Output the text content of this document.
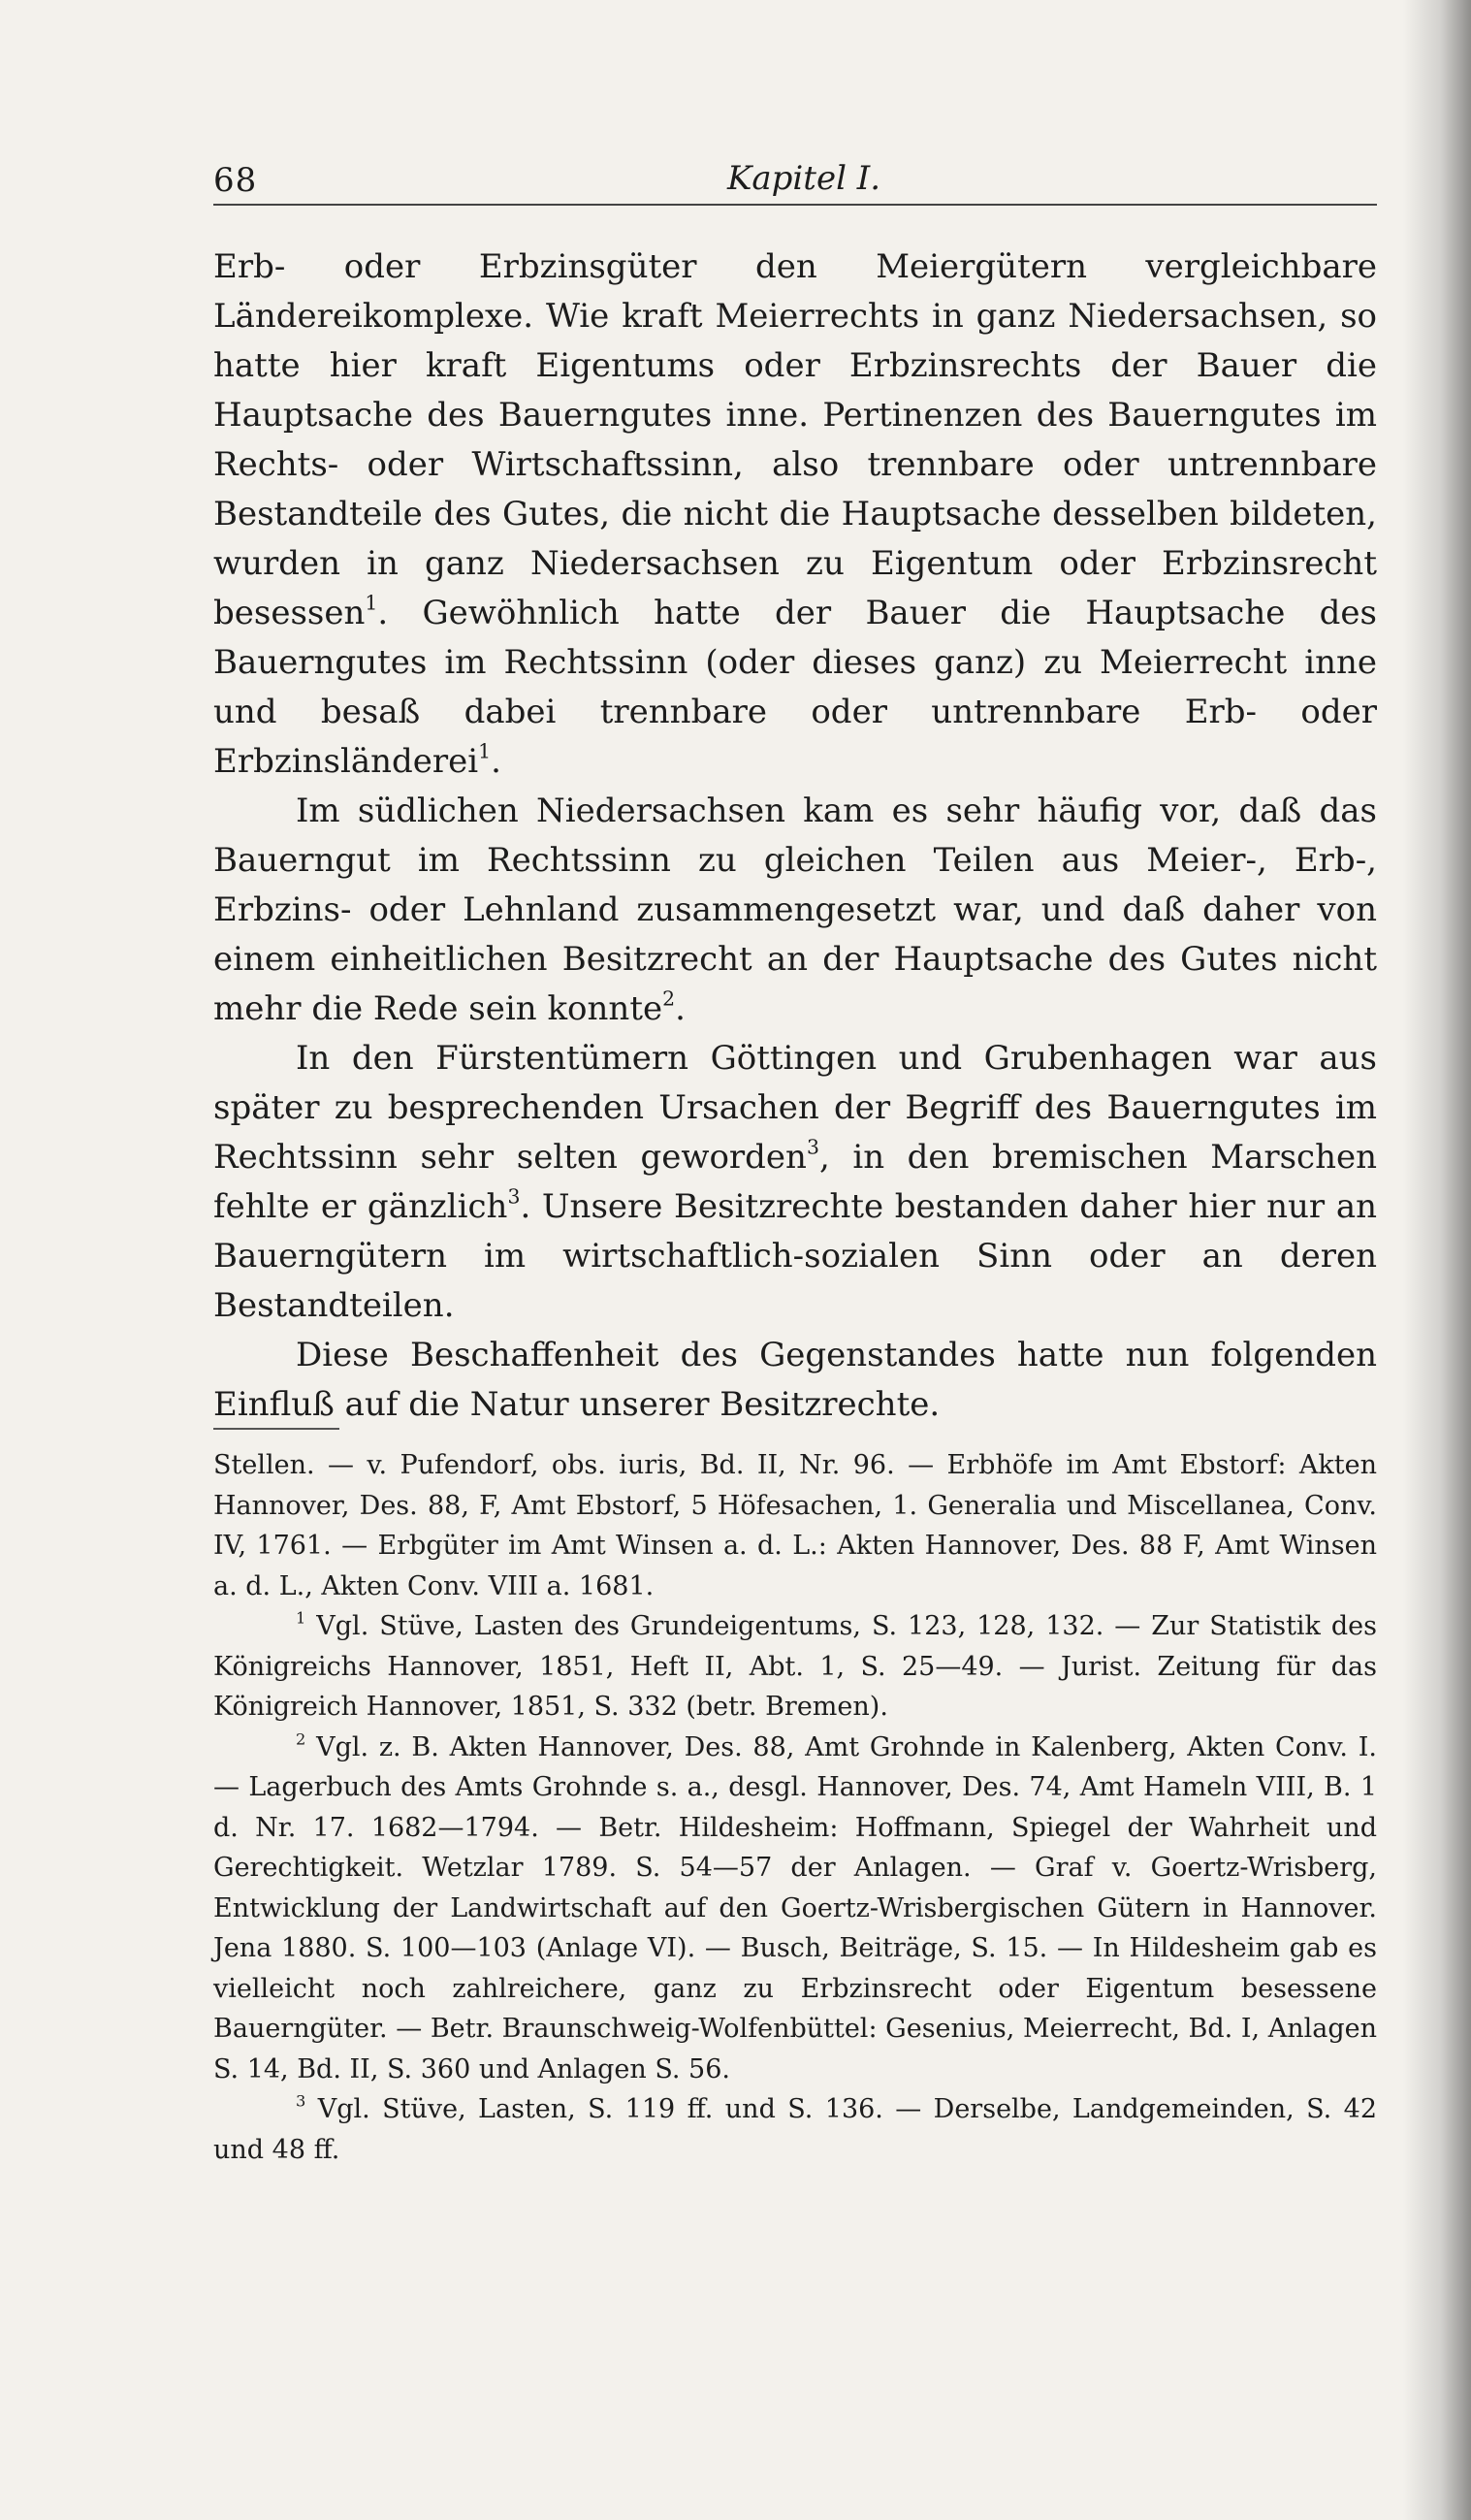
68	Kapitel I.

Erb- oder Erbzinsgüter den Meiergütern vergleichbare Ländereikomplexe. Wie kraft Meierrechts in ganz Niedersachsen, so hatte hier kraft Eigentums oder Erbzinsrechts der Bauer die Hauptsache des Bauerngutes inne. Pertinenzen des Bauerngutes im Rechts- oder Wirtschaftssinn, also trennbare oder untrennbare Bestandteile des Gutes, die nicht die Hauptsache desselben bildeten, wurden in ganz Niedersachsen zu Eigentum oder Erbzinsrecht besessen$^1$. Gewöhnlich hatte der Bauer die Hauptsache des Bauerngutes im Rechtssinn (oder dieses ganz) zu Meierrecht inne und besaß dabei trennbare oder untrennbare Erb- oder Erbzinsländerei$^1$.

Im südlichen Niedersachsen kam es sehr häufig vor, daß das Bauerngut im Rechtssinn zu gleichen Teilen aus Meier-, Erb-, Erbzins- oder Lehnland zusammengesetzt war, und daß daher von einem einheitlichen Besitzrecht an der Hauptsache des Gutes nicht mehr die Rede sein konnte$^2$.

In den Fürstentümern Göttingen und Grubenhagen war aus später zu besprechenden Ursachen der Begriff des Bauerngutes im Rechtssinn sehr selten geworden$^3$, in den bremischen Marschen fehlte er gänzlich$^3$. Unsere Besitzrechte bestanden daher hier nur an Bauerngütern im wirtschaftlich-sozialen Sinn oder an deren Bestandteilen.

Diese Beschaffenheit des Gegenstandes hatte nun folgenden Einfluß auf die Natur unserer Besitzrechte.

Stellen. — v. Pufendorf, obs. iuris, Bd. II, Nr. 96. — Erbhöfe im Amt Ebstorf: Akten Hannover, Des. 88, F, Amt Ebstorf, 5 Höfesachen, 1. Generalia und Miscellanea, Conv. IV, 1761. — Erbgüter im Amt Winsen a. d. L.: Akten Hannover, Des. 88 F, Amt Winsen a. d. L., Akten Conv. VIII a. 1681.

$^1$ Vgl. Stüve, Lasten des Grundeigentums, S. 123, 128, 132. — Zur Statistik des Königreichs Hannover, 1851, Heft II, Abt. 1, S. 25—49. — Jurist. Zeitung für das Königreich Hannover, 1851, S. 332 (betr. Bremen).

$^2$ Vgl. z. B. Akten Hannover, Des. 88, Amt Grohnde in Kalenberg, Akten Conv. I. — Lagerbuch des Amts Grohnde s. a., desgl. Hannover, Des. 74, Amt Hameln VIII, B. 1 d. Nr. 17. 1682—1794. — Betr. Hildesheim: Hoffmann, Spiegel der Wahrheit und Gerechtigkeit. Wetzlar 1789. S. 54—57 der Anlagen. — Graf v. Goertz-Wrisberg, Entwicklung der Landwirtschaft auf den Goertz-Wrisbergischen Gütern in Hannover. Jena 1880. S. 100—103 (Anlage VI). — Busch, Beiträge, S. 15. — In Hildesheim gab es vielleicht noch zahlreichere, ganz zu Erbzinsrecht oder Eigentum besessene Bauerngüter. — Betr. Braunschweig-Wolfenbüttel: Gesenius, Meierrecht, Bd. I, Anlagen S. 14, Bd. II, S. 360 und Anlagen S. 56.

$^3$ Vgl. Stüve, Lasten, S. 119 ff. und S. 136. — Derselbe, Landgemeinden, S. 42 und 48 ff.
